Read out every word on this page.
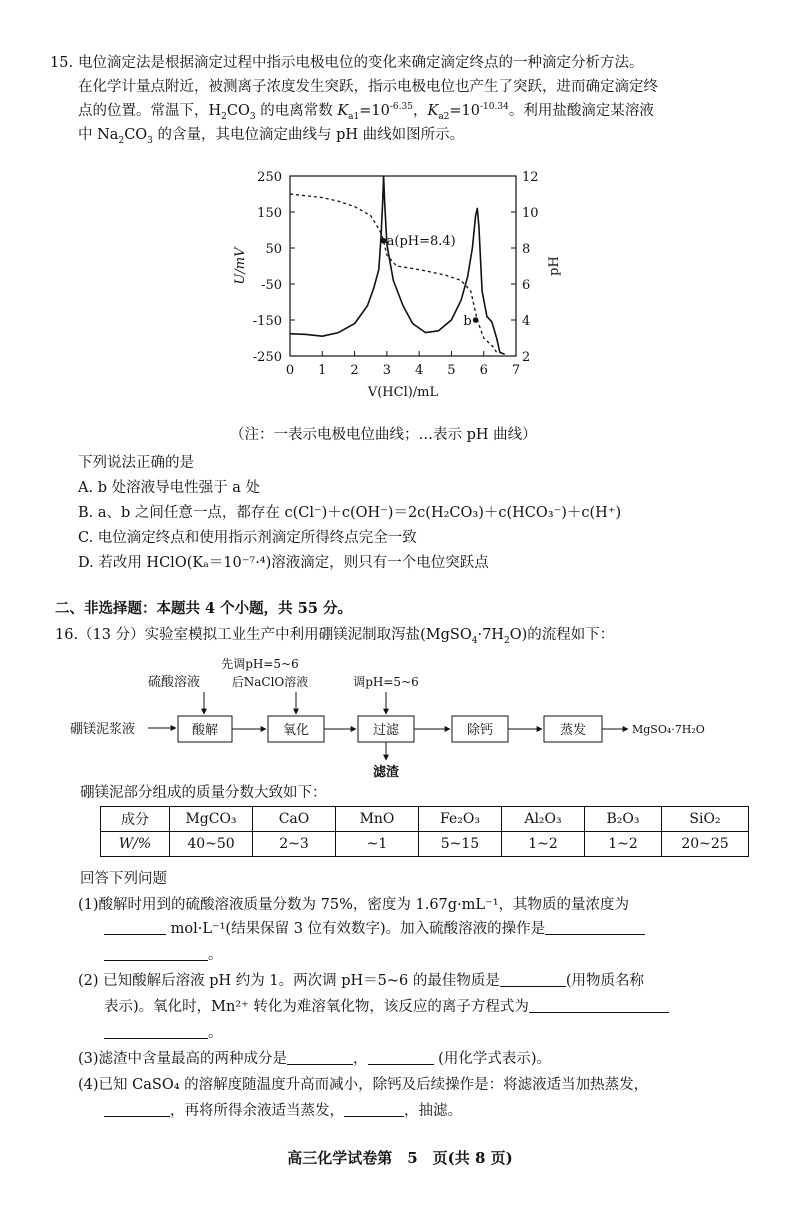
15. 电位滴定法是根据滴定过程中指示电极电位的变化来确定滴定终点的一种滴定分析方法。
在化学计量点附近，被测离子浓度发生突跃，指示电极电位也产生了突跃，进而确定滴定终
点的位置。常温下，$H_2CO_3$ 的电离常数 $K_{a1}=10^{-6.35}$，$K_{a2}=10^{-10.34}$。利用盐酸滴定某溶液
中 $Na_2CO_3$ 的含量，其电位滴定曲线与 pH 曲线如图所示。
0 1 2 3 4 5 6 7
250
150
50
-50
-150
-250
12
10
8
6
4
2
U/mV	pH
V(HCl)/mL
a(pH=8.4)
b
（注：一表示电极电位曲线；…表示 pH 曲线）
下列说法正确的是
A. b 处溶液导电性强于 a 处
B. a、b 之间任意一点，都存在 c(Cl⁻)＋c(OH⁻)＝2c(H₂CO₃)＋c(HCO₃⁻)＋c(H⁺)
C. 电位滴定终点和使用指示剂滴定所得终点完全一致
D. 若改用 HClO(Kₐ＝10⁻⁷·⁴)溶液滴定，则只有一个电位突跃点
二、非选择题：本题共 4 个小题，共 55 分。
16.（13 分）实验室模拟工业生产中利用硼镁泥制取泻盐$(MgSO_4\cdot 7H_2O)$的流程如下：
硫酸溶液
先调pH=5~6
后NaClO溶液	调pH=5~6
硼镁泥浆液	酸解	氧化	过滤
滤渣
除钙	蒸发	MgSO₄·7H₂O
硼镁泥部分组成的质量分数大致如下：
成分	MgCO₃	CaO	MnO	Fe₂O₃	Al₂O₃	B₂O₃	SiO₂
W/%	40~50	2~3	~1	5~15	1~2	1~2	20~25
回答下列问题
(1)酸解时用到的硫酸溶液质量分数为 75%，密度为 1.67g·mL⁻¹，其物质的量浓度为
mol·L⁻¹(结果保留 3 位有效数字)。加入硫酸溶液的操作是
。
(2) 已知酸解后溶液 pH 约为 1。两次调 pH＝5~6 的最佳物质是	(用物质名称
表示)。氧化时，Mn²⁺ 转化为难溶氧化物，该反应的离子方程式为
。
(3)滤渣中含量最高的两种成分是	，	(用化学式表示)。
(4)已知 CaSO₄ 的溶解度随温度升高而减小，除钙及后续操作是：将滤液适当加热蒸发，
，再将所得余液适当蒸发，	，抽滤。
高三化学试卷第　5　页(共 8 页)
